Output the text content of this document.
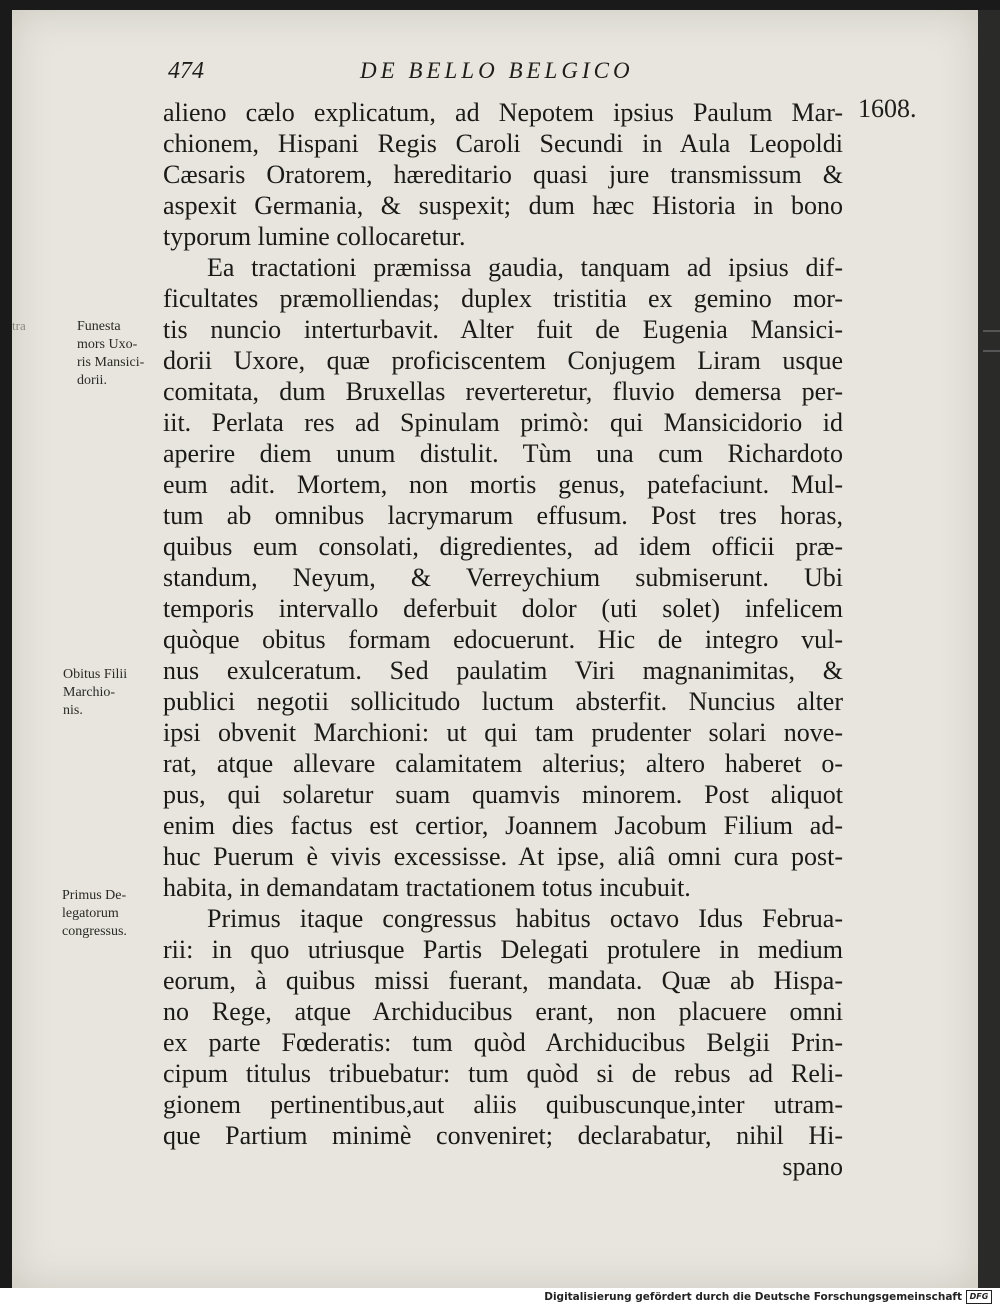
tra
474	DE BELLO BELGICO
1608.
alieno cælo explicatum, ad Nepotem ipsius Paulum Mar-
chionem, Hispani Regis Caroli Secundi in Aula Leopoldi
Cæsaris Oratorem, hæreditario quasi jure transmissum &
aspexit Germania, & suspexit; dum hæc Historia in bono
typorum lumine collocaretur.
Ea tractationi præmissa gaudia, tanquam ad ipsius dif-
ficultates præmolliendas; duplex tristitia ex gemino mor-
tis nuncio interturbavit. Alter fuit de Eugenia Mansici-
dorii Uxore, quæ proficiscentem Conjugem Liram usque
comitata, dum Bruxellas reverteretur, fluvio demersa per-
iit. Perlata res ad Spinulam primò: qui Mansicidorio id
aperire diem unum distulit. Tùm una cum Richardoto
eum adit. Mortem, non mortis genus, patefaciunt. Mul-
tum ab omnibus lacrymarum effusum. Post tres horas,
quibus eum consolati, digredientes, ad idem officii præ-
standum, Neyum, & Verreychium submiserunt. Ubi
temporis intervallo deferbuit dolor (uti solet) infelicem
quòque obitus formam edocuerunt. Hic de integro vul-
nus exulceratum. Sed paulatim Viri magnanimitas, &
publici negotii sollicitudo luctum absterfit. Nuncius alter
ipsi obvenit Marchioni: ut qui tam prudenter solari nove-
rat, atque allevare calamitatem alterius; altero haberet o-
pus, qui solaretur suam quamvis minorem. Post aliquot
enim dies factus est certior, Joannem Jacobum Filium ad-
huc Puerum è vivis excessisse. At ipse, aliâ omni cura post-
habita, in demandatam tractationem totus incubuit.
Primus itaque congressus habitus octavo Idus Februa-
rii: in quo utriusque Partis Delegati protulere in medium
eorum, à quibus missi fuerant, mandata. Quæ ab Hispa-
no Rege, atque Archiducibus erant, non placuere omni
ex parte Fœderatis: tum quòd Archiducibus Belgii Prin-
cipum titulus tribuebatur: tum quòd si de rebus ad Reli-
gionem pertinentibus,aut aliis quibuscunque,inter utram-
que Partium minimè conveniret; declarabatur, nihil Hi-
spano
Funesta
mors Uxo-
ris Mansici-
dorii.
Obitus Filii
Marchio-
nis.
Primus De-
legatorum
congressus.
Digitalisierung gefördert durch die Deutsche Forschungsgemeinschaft DFG
